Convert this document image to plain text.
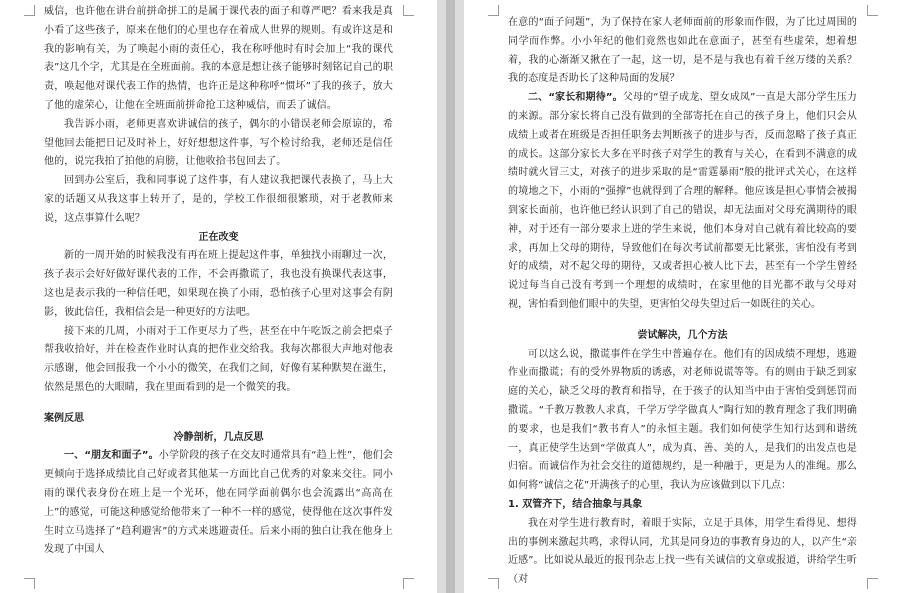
威信，也许他在讲台前拼命拼工的是属于课代表的面子和尊严吧？看来我是真小看了这些孩子，原来在他们的心里也存在着成人世界的规则。有或许这是和我的影响有关，为了唤起小雨的责任心，我在称呼他时有时会加上“我的课代表”这几个字，尤其是在全班面前。我的本意是想让孩子能够时刻铭记自己的职责，唤起他对课代表工作的热情，也许正是这种称呼“惯坏”了我的孩子，放大了他的虚荣心，让他在全班面前拼命抢工这种威信，而丢了诚信。

我告诉小雨，老师更喜欢讲诚信的孩子，偶尔的小错误老师会原谅的，希望他回去能把日记及时补上，好好想想这件事，写个检讨给我，老师还是信任他的，说完我拍了拍他的肩膀，让他收拾书包回去了。

回到办公室后，我和同事说了这件事，有人建议我把课代表换了，马上大家的话题又从我这事上转开了，是的，学校工作很细很繁琐，对于老教师来说，这点事算什么呢？

正在改变

新的一周开始的时候我没有再在班上提起这件事，单独找小雨聊过一次，孩子表示会好好做好课代表的工作，不会再撒谎了，我也没有换课代表这事，这也是表示我的一种信任吧，如果现在换了小雨，恐怕孩子心里对这事会有阴影，彼此信任，我相信会是一种更好的方法吧。

接下来的几周，小雨对于工作更尽力了些，甚至在中午吃饭之前会把桌子帮我收拾好，并在检查作业时认真的把作业交给我。我每次都很大声地对他表示感谢，他会回报我一个小小的微笑，在我们之间，好像有某种默契在滋生，依然是黑色的大眼睛，我在里面看到的是一个微笑的我。

案例反思

冷静剖析，几点反思

一、“朋友和面子”。小学阶段的孩子在交友时通常具有“趋上性”，他们会更倾向于选择成绩比自己好或者其他某一方面比自己优秀的对象来交往。同小雨的课代表身份在班上是一个光环，他在同学面前偶尔也会流露出“高高在上”的感觉，可能这种感觉给他带来了一种不一样的感觉，使得他在这次事件发生时立马选择了“趋利避害”的方式来逃避责任。后来小雨的独白让我在他身上发现了中国人

在意的“面子问题”，为了保持在家人老师面前的形象而作假，为了比过周围的同学而作弊。小小年纪的他们竟然也如此在意面子，甚至有些虚荣，想着想着，我的心渐渐又揪在了一起，这一切，是不是与我也有着千丝万缕的关系？我的态度是否助长了这种局面的发展？

二、“家长和期待”。父母的“望子成龙、望女成凤”一直是大部分学生压力的来源。部分家长将自己没有做到的全部寄托在自己的孩子身上，他们只会从成绩上或者在班级是否担任职务去判断孩子的进步与否，反而忽略了孩子真正的成长。这部分家长大多在平时孩子对学生的教育与关心，在看到不满意的成绩时就火冒三丈，对孩子的进步采取的是“雷霆暴雨”般的批评式关心，在这样的境地之下，小雨的“强撑”也就得到了合理的解释。他应该是担心事情会被揭到家长面前，也许他已经认识到了自己的错误，却无法面对父母充满期待的眼神，对于还有一部分要求上进的学生来说，他们本身对自己就有着比较高的要求，再加上父母的期待，导致他们在每次考试前都要无比紧张，害怕没有考到好的成绩，对不起父母的期待，又或者担心被人比下去，甚至有一个学生曾经说过每当自己没有考到一个理想的成绩时，在家里他的目光都不敢与父母对视，害怕看到他们眼中的失望，更害怕父母失望过后一如既往的关心。

尝试解决，几个方法

可以这么说，撒谎事件在学生中普遍存在。他们有的因成绩不理想，逃避作业而撒谎；有的受外界物质的诱惑，对老师说谎等等。有的则由于缺乏到家庭的关心，缺乏父母的教育和指导，在于孩子的认知当中由于害怕受到惩罚而撒谎。“千教万教教人求真，千学万学学做真人”陶行知的教育理念了我们明确的要求，也是我们“教书育人”的永恒主题。我们如何使学生知行达到和谐统一，真正使学生达到“学做真人”，成为真、善、美的人，是我们的出发点也是归宿。而诚信作为社会交往的道德规约，是一种融于，更是为人的准绳。那么如何将“诚信之花”开满孩子的心里，我认为应该做到以下几点：

1. 双管齐下，结合抽象与具象

我在对学生进行教育时，着眼于实际，立足于具体，用学生看得见、想得出的事例来激起共鸣，求得认同，尤其是同身边的事教育身边的人，以产生“亲近感”。比如说从最近的报刊杂志上找一些有关诚信的文章或报道，讲给学生听（对
